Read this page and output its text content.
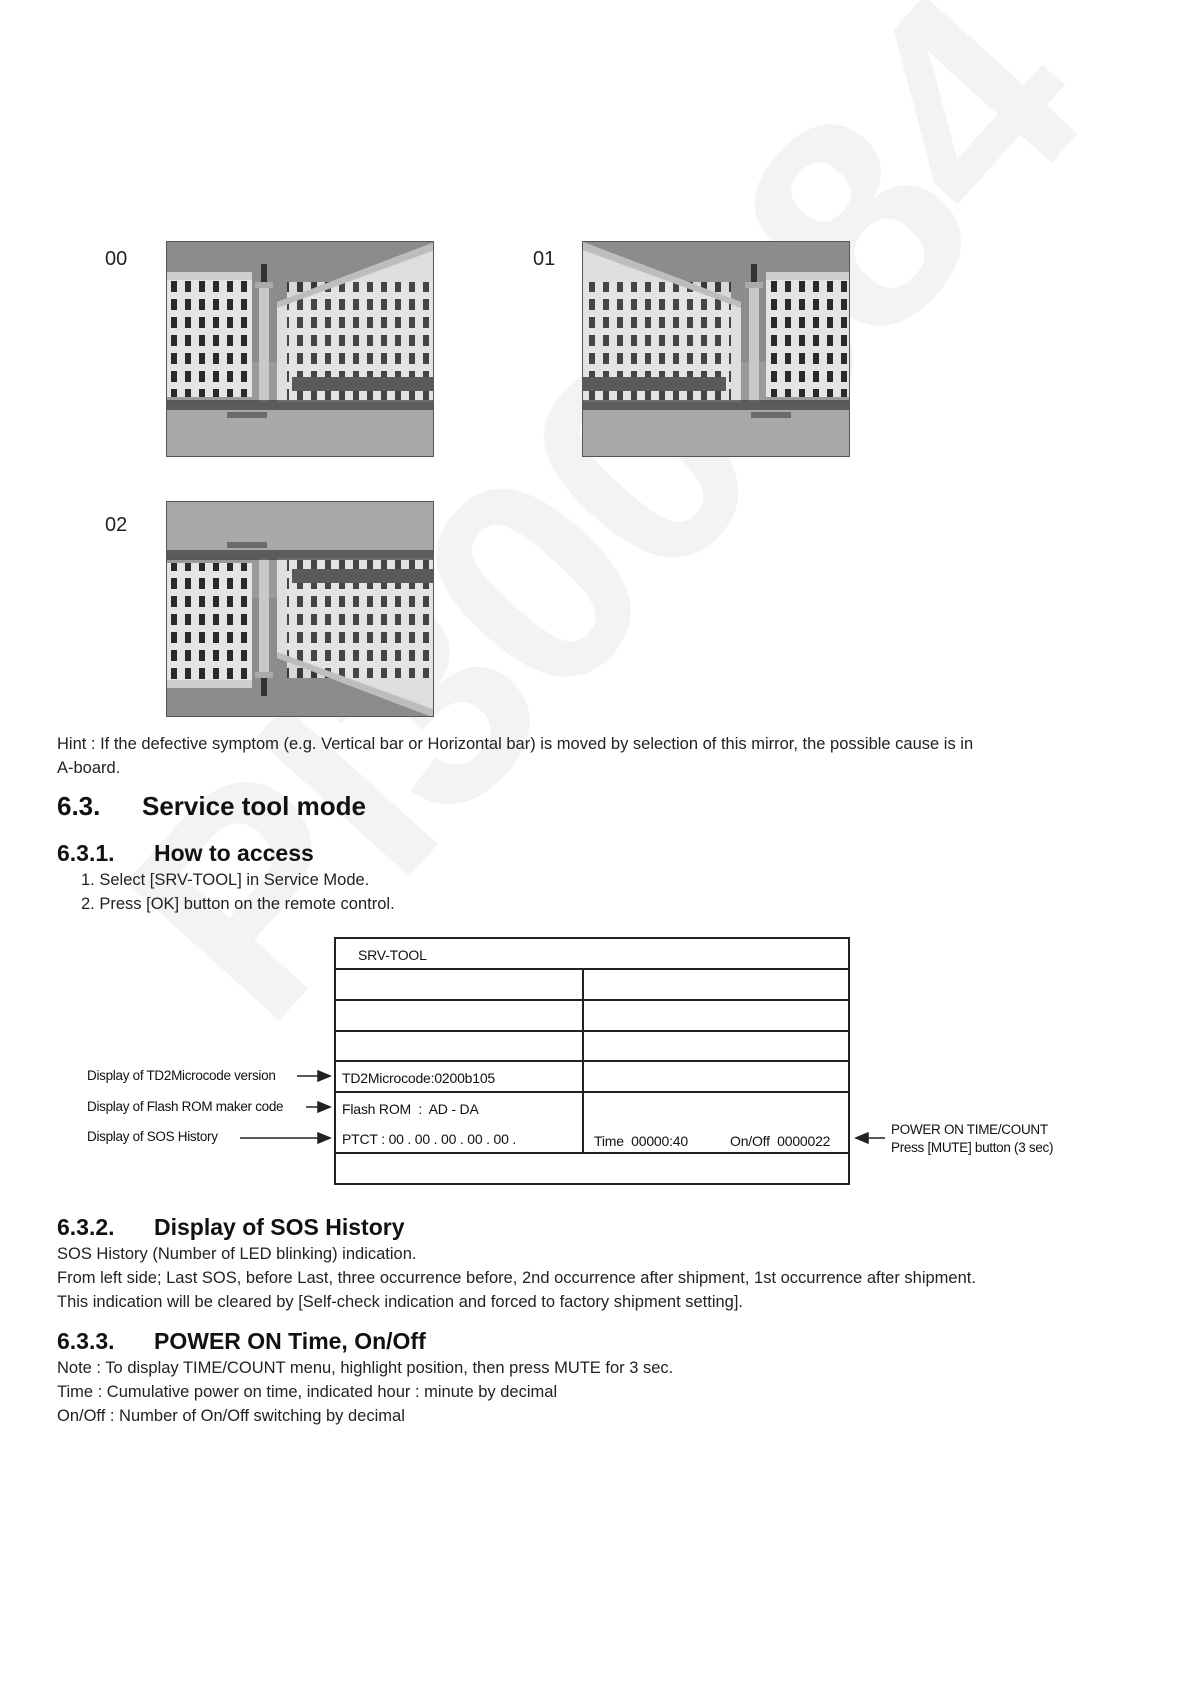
00	01
02
Hint : If the defective symptom (e.g. Vertical bar or Horizontal bar) is moved by selection of this mirror, the possible cause is in
A-board.
6.3. Service tool mode
6.3.1. How to access
1. Select [SRV-TOOL] in Service Mode.
2. Press [OK] button on the remote control.
SRV-TOOL
TD2Microcode:0200b105
Flash ROM  :  AD - DA
PTCT : 00 . 00 . 00 . 00 . 00 .	Time  00000:40	On/Off  0000022
Display of TD2Microcode version
Display of Flash ROM maker code
Display of SOS History	POWER ON TIME/COUNT
Press [MUTE] button (3 sec)
6.3.2. Display of SOS History
SOS History (Number of LED blinking) indication.
From left side; Last SOS, before Last, three occurrence before, 2nd occurrence after shipment, 1st occurrence after shipment.
This indication will be cleared by [Self-check indication and forced to factory shipment setting].
6.3.3. POWER ON Time, On/Off
Note : To display TIME/COUNT menu, highlight position, then press MUTE for 3 sec.
Time : Cumulative power on time, indicated hour : minute by decimal
On/Off : Number of On/Off switching by decimal
